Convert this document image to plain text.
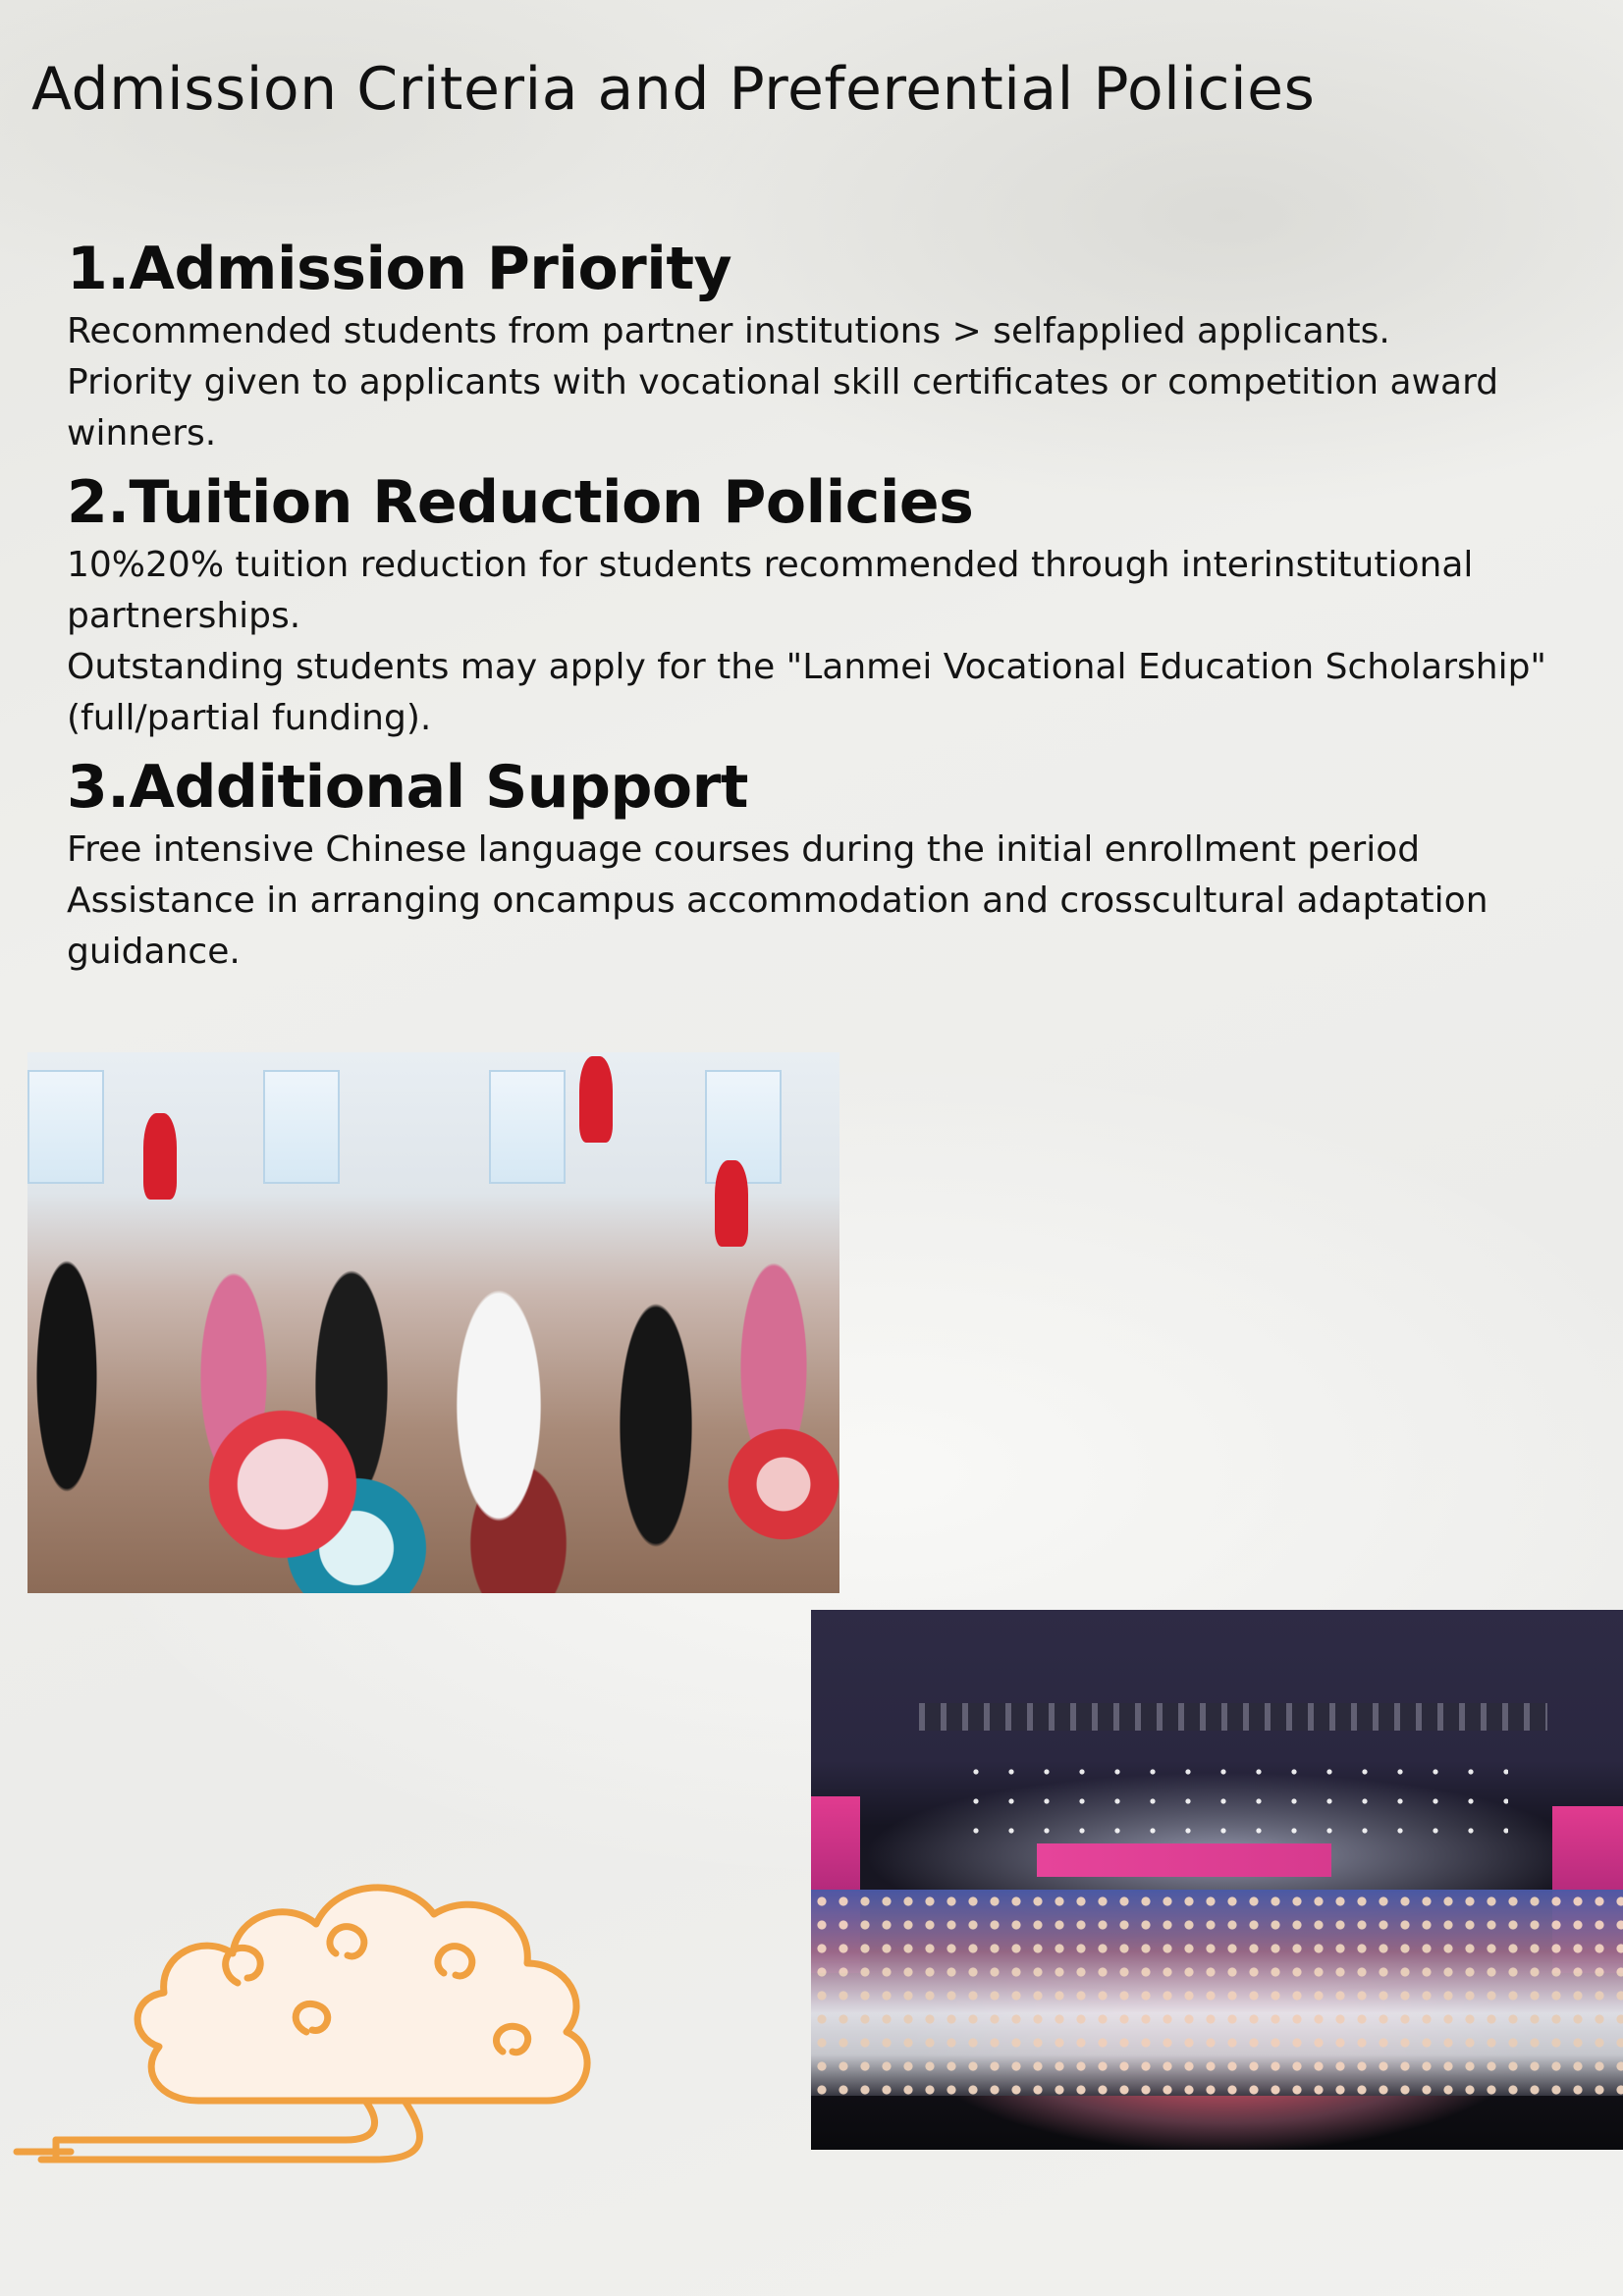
Admission Criteria and Preferential Policies
1.Admission Priority

Recommended students from partner institutions > selfapplied applicants.

Priority given to applicants with vocational skill certificates or competition award winners.

2.Tuition Reduction Policies

10%20% tuition reduction for students recommended through interinstitutional partnerships.

Outstanding students may apply for the "Lanmei Vocational Education Scholarship" (full/partial funding).

3.Additional Support

Free intensive Chinese language courses during the initial enrollment period

Assistance in arranging oncampus accommodation and crosscultural adaptation guidance.
